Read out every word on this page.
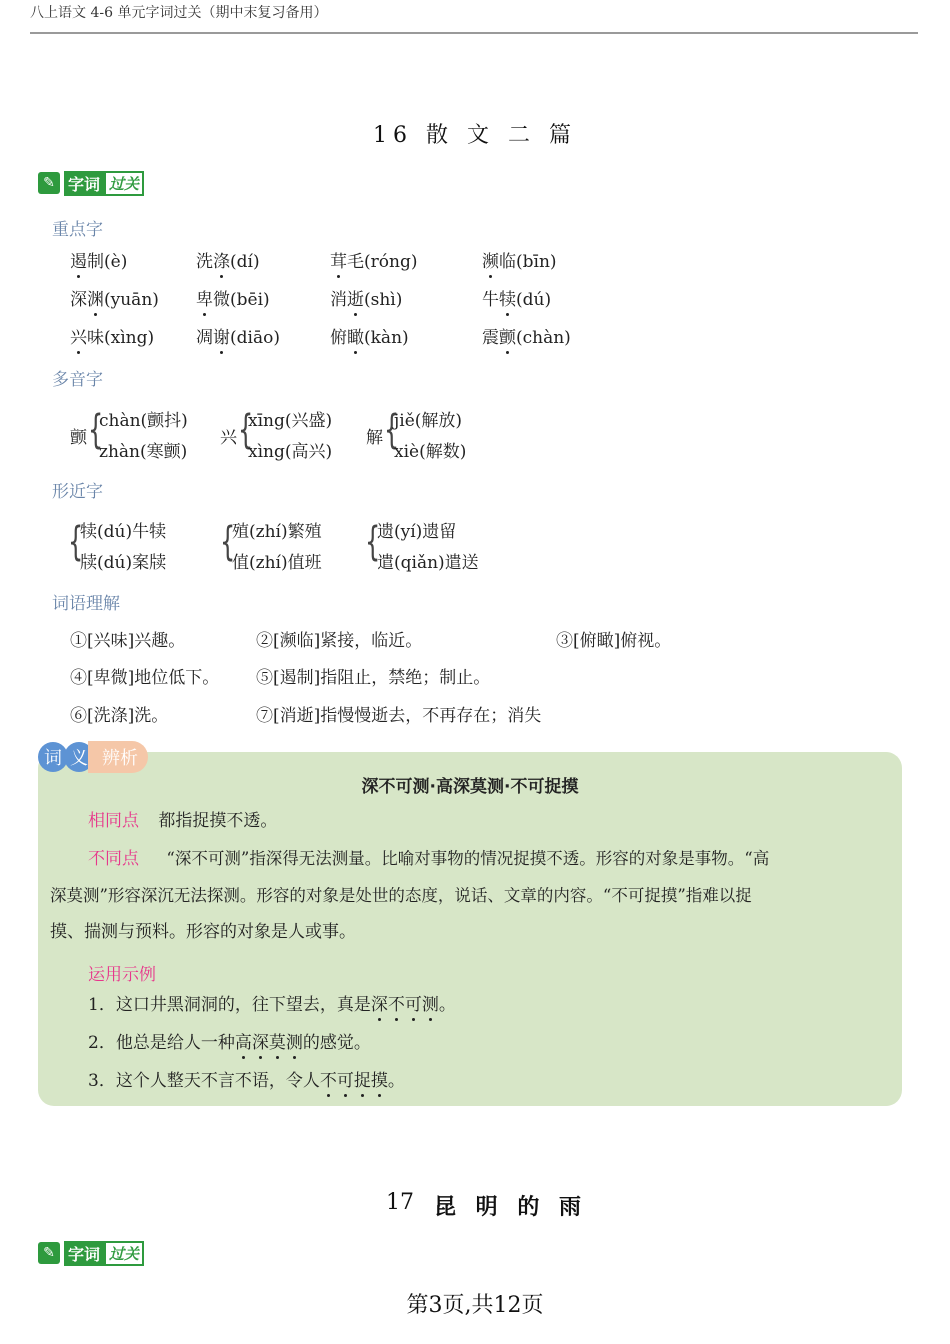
八上语文 4-6 单元字词过关（期中末复习备用）
16 散 文 二 篇
✎ 字词 过关
重点字
遏制(è)	洗涤(dí)	茸毛(róng)	濒临(bīn)
深渊(yuān) 卑微(bēi)	消逝(shì)	牛犊(dú)
兴味(xìng) 凋谢(diāo)	俯瞰(kàn)	震颤(chàn)
多音字
颤 {
chàn(颤抖)
zhàn(寒颤)
兴 {
xīng(兴盛)
xìng(高兴)
解 {
jiě(解放)
xiè(解数)
形近字
{
犊(dú)牛犊
牍(dú)案牍 {
殖(zhí)繁殖
值(zhí)值班 {
遗(yí)遗留
遣(qiǎn)遣送
词语理解
①[兴味]兴趣。	②[濒临]紧接，临近。	③[俯瞰]俯视。
④[卑微]地位低下。 ⑤[遏制]指阻止，禁绝；制止。
⑥[洗涤]洗。	⑦[消逝]指慢慢逝去，不再存在；消失
词 义 辨析
深不可测·高深莫测·不可捉摸
相同点 都指捉摸不透。
不同点 “深不可测”指深得无法测量。比喻对事物的情况捉摸不透。形容的对象是事物。“高
深莫测”形容深沉无法探测。形容的对象是处世的态度，说话、文章的内容。“不可捉摸”指难以捉
摸、揣测与预料。形容的对象是人或事。
运用示例
1．这口井黑洞洞的，往下望去，真是深不可测。
2．他总是给人一种高深莫测的感觉。
3．这个人整天不言不语，令人不可捉摸。
17 昆 明 的 雨
✎ 字词 过关
第3页,共12页
